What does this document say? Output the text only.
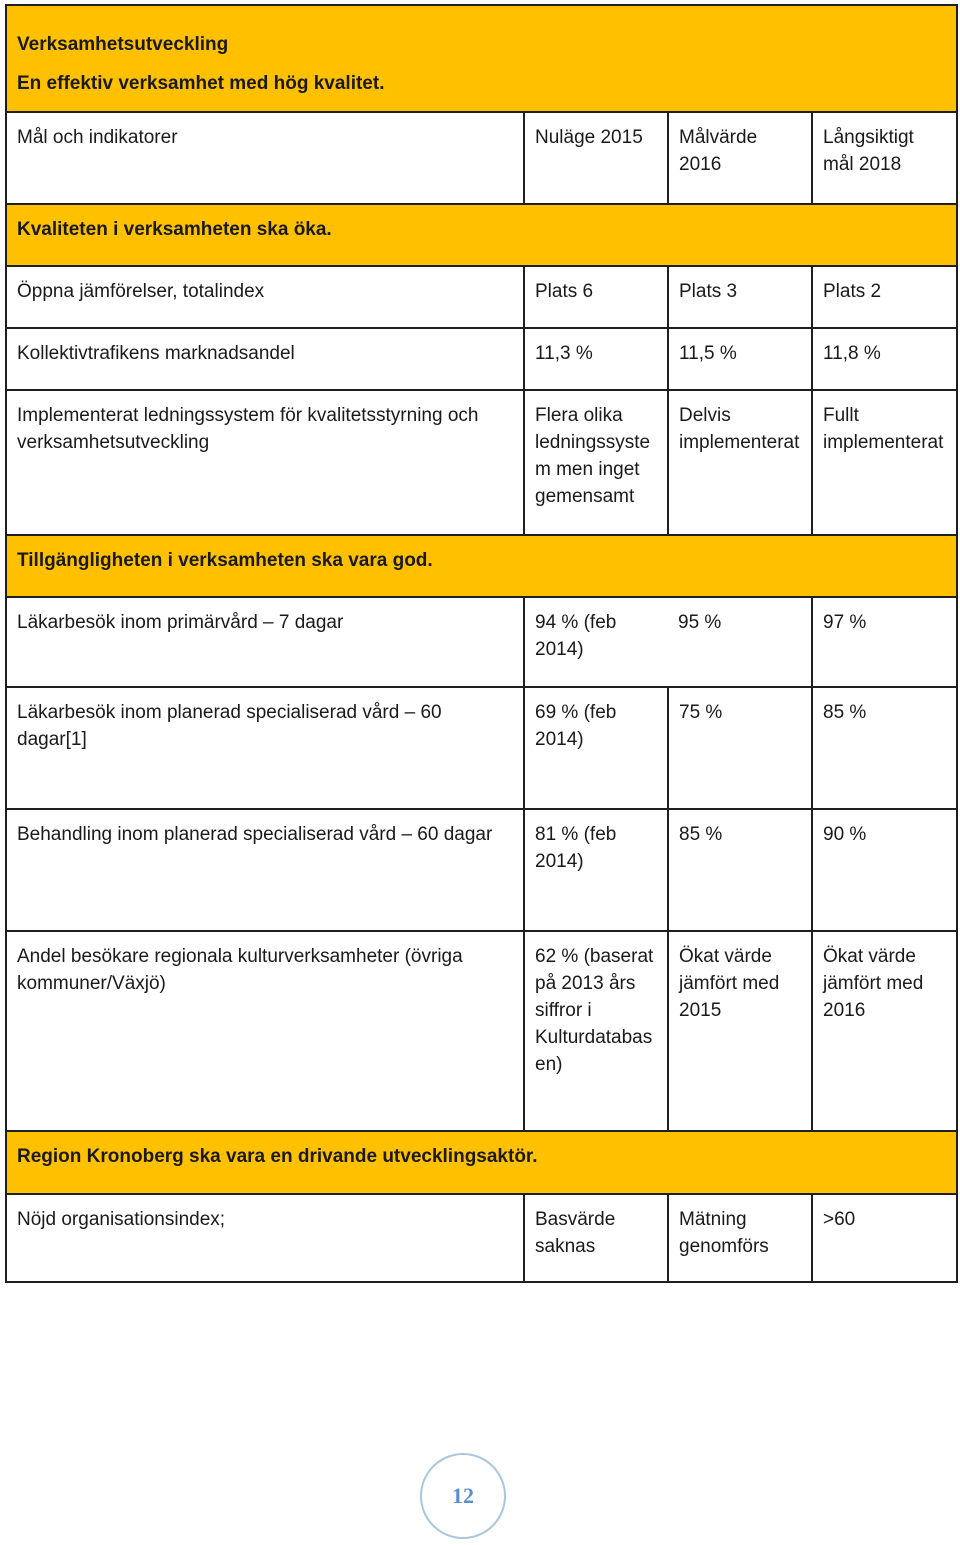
Verksamhetsutveckling
En effektiv verksamhet med hög kvalitet.			

Mål och indikatorer	Nuläge 2015	Målvärde 2016	Långsiktigt mål 2018
Kvaliteten i verksamheten ska öka.			
Öppna jämförelser, totalindex	Plats 6	Plats 3	Plats 2
Kollektivtrafikens marknadsandel	11,3 %	11,5 %	11,8 %
Implementerat ledningssystem för kvalitetsstyrning och verksamhetsutveckling	Flera olika ledningssystem men inget gemensamt	Delvis implementerat	Fullt implementerat
Tillgängligheten i verksamheten ska vara god.			
Läkarbesök inom primärvård – 7 dagar	94 % (feb 2014)	95 %	97 %
Läkarbesök inom planerad specialiserad vård – 60 dagar[1]	69 % (feb 2014)	75 %	85 %
Behandling inom planerad specialiserad vård – 60 dagar	81 % (feb 2014)	85 %	90 %
Andel besökare regionala kulturverksamheter (övriga kommuner/Växjö)	62 % (baserat på 2013 års siffror i Kulturdatabasen)	Ökat värde jämfört med 2015	Ökat värde jämfört med 2016
Region Kronoberg ska vara en drivande utvecklingsaktör.			
Nöjd organisationsindex;	Basvärde saknas	Mätning genomförs	>60
12
